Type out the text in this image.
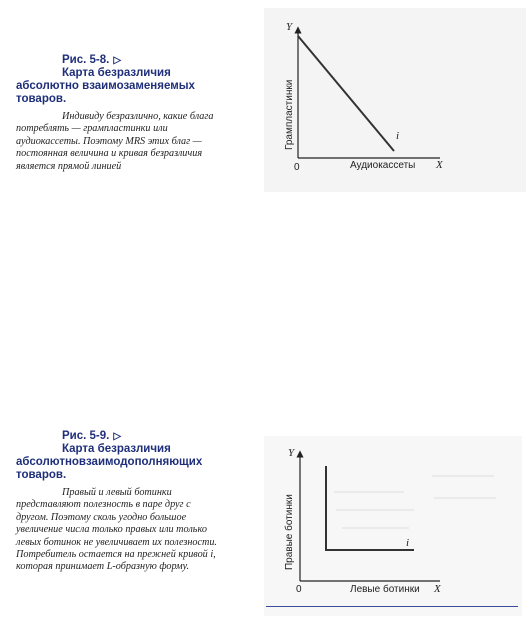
Рис. 5-8. ▷
Карта безразличия
абсолютно взаимозаменяемых
товаров.
Индивиду безразлично, какие блага потреблять — грампластинки или аудиокассеты. Поэтому MRS этих благ — постоянная величина и кривая безразличия является прямой линией
Y
X
0	Аудиокассеты
Грампластинки	i
Рис. 5-9. ▷
Карта безразличия
абсолютновзаимодополняющих
товаров.
Правый и левый ботинки представляют полезность в паре друг с другом. Поэтому сколь угодно большое увеличение числа только правых или только левых ботинок не увеличивает их полезности. Потребитель остается на прежней кривой i, которая принимает L-образную форму.
Y
X
0	Левые ботинки
Правые ботинки	i
